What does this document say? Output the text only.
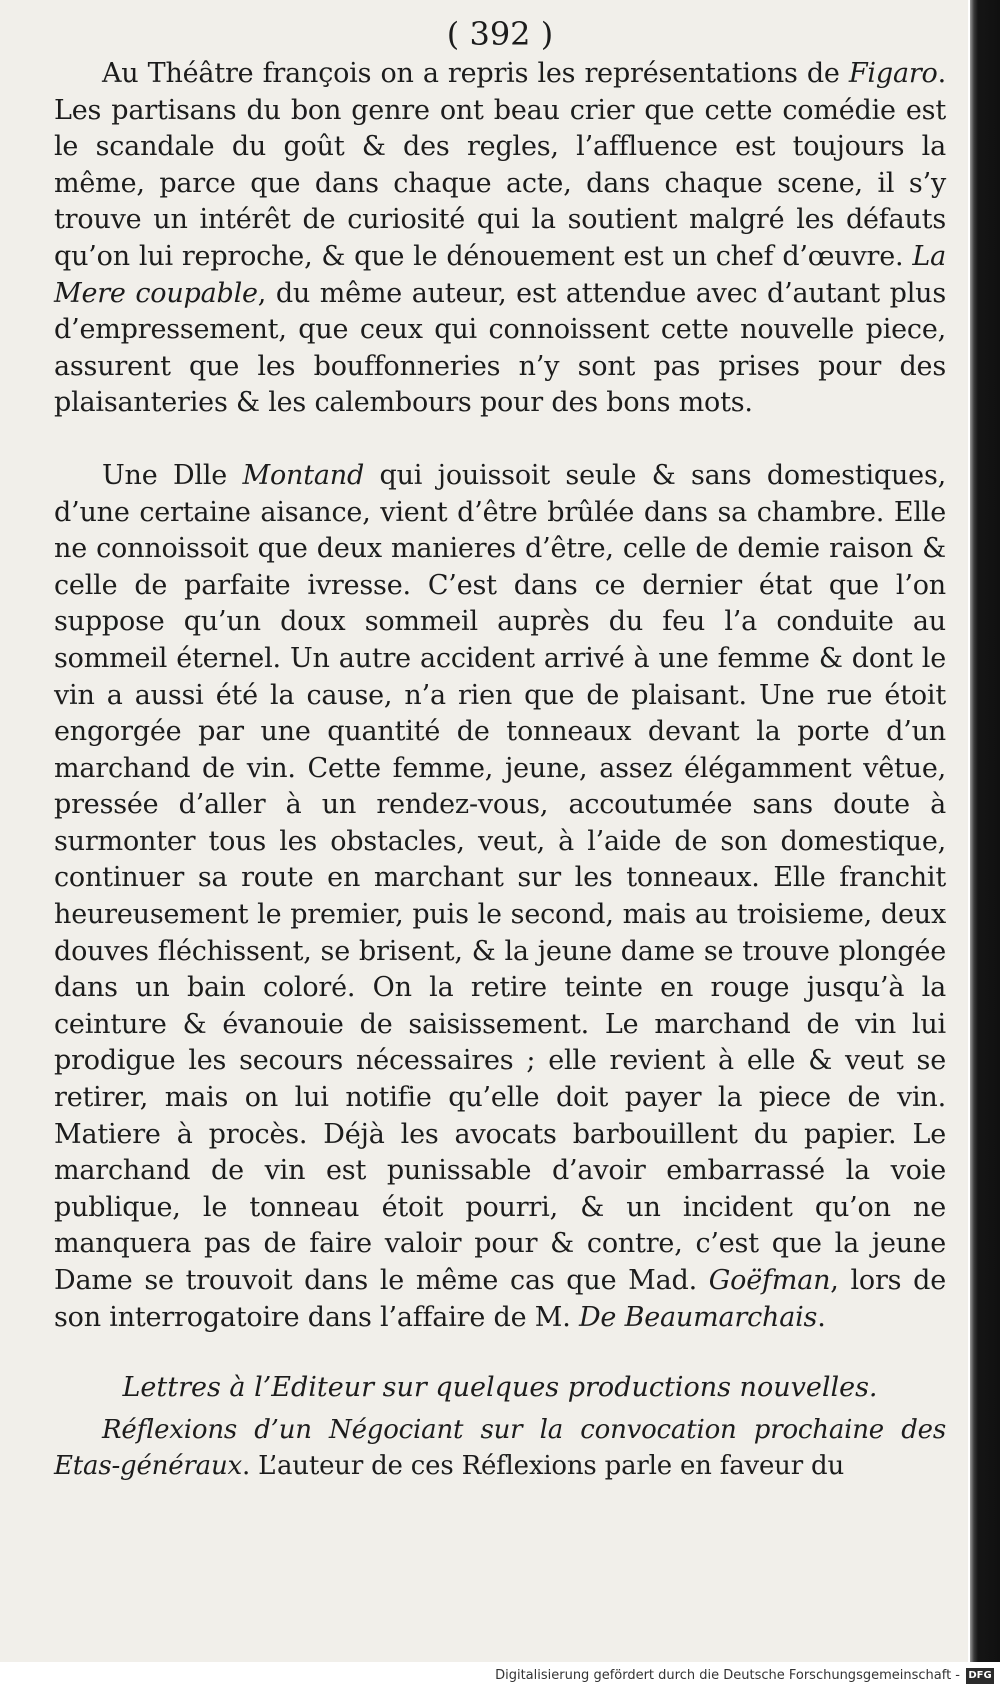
( 392 )

Au Théâtre françois on a repris les représentations de Figaro. Les partisans du bon genre ont beau crier que cette comédie est le scandale du goût & des regles, l’affluence est toujours la même, parce que dans chaque acte, dans chaque scene, il s’y trouve un intérêt de curiosité qui la soutient malgré les défauts qu’on lui reproche, & que le dénouement est un chef d’œuvre. La Mere coupable, du même auteur, est attendue avec d’autant plus d’empressement, que ceux qui connoissent cette nouvelle piece, assurent que les bouffonneries n’y sont pas prises pour des plaisanteries & les calembours pour des bons mots.

Une Dlle Montand qui jouissoit seule & sans domestiques, d’une certaine aisance, vient d’être brûlée dans sa chambre. Elle ne connoissoit que deux manieres d’être, celle de demie raison & celle de parfaite ivresse. C’est dans ce dernier état que l’on suppose qu’un doux sommeil auprès du feu l’a conduite au sommeil éternel. Un autre accident arrivé à une femme & dont le vin a aussi été la cause, n’a rien que de plaisant. Une rue étoit engorgée par une quantité de tonneaux devant la porte d’un marchand de vin. Cette femme, jeune, assez élégamment vêtue, pressée d’aller à un rendez-vous, accoutumée sans doute à surmonter tous les obstacles, veut, à l’aide de son domestique, continuer sa route en marchant sur les tonneaux. Elle franchit heureusement le premier, puis le second, mais au troisieme, deux douves fléchissent, se brisent, & la jeune dame se trouve plongée dans un bain coloré. On la retire teinte en rouge jusqu’à la ceinture & évanouie de saisissement. Le marchand de vin lui prodigue les secours nécessaires ; elle revient à elle & veut se retirer, mais on lui notifie qu’elle doit payer la piece de vin. Matiere à procès. Déjà les avocats barbouillent du papier. Le marchand de vin est punissable d’avoir embarrassé la voie publique, le tonneau étoit pourri, & un incident qu’on ne manquera pas de faire valoir pour & contre, c’est que la jeune Dame se trouvoit dans le même cas que Mad. Goëfman, lors de son interrogatoire dans l’affaire de M. De Beaumarchais.

Lettres à l’Editeur sur quelques productions nouvelles.

Réflexions d’un Négociant sur la convocation prochaine des Etas-généraux. L’auteur de ces Réflexions parle en faveur du

Digitalisierung gefördert durch die Deutsche Forschungsgemeinschaft - DFG
